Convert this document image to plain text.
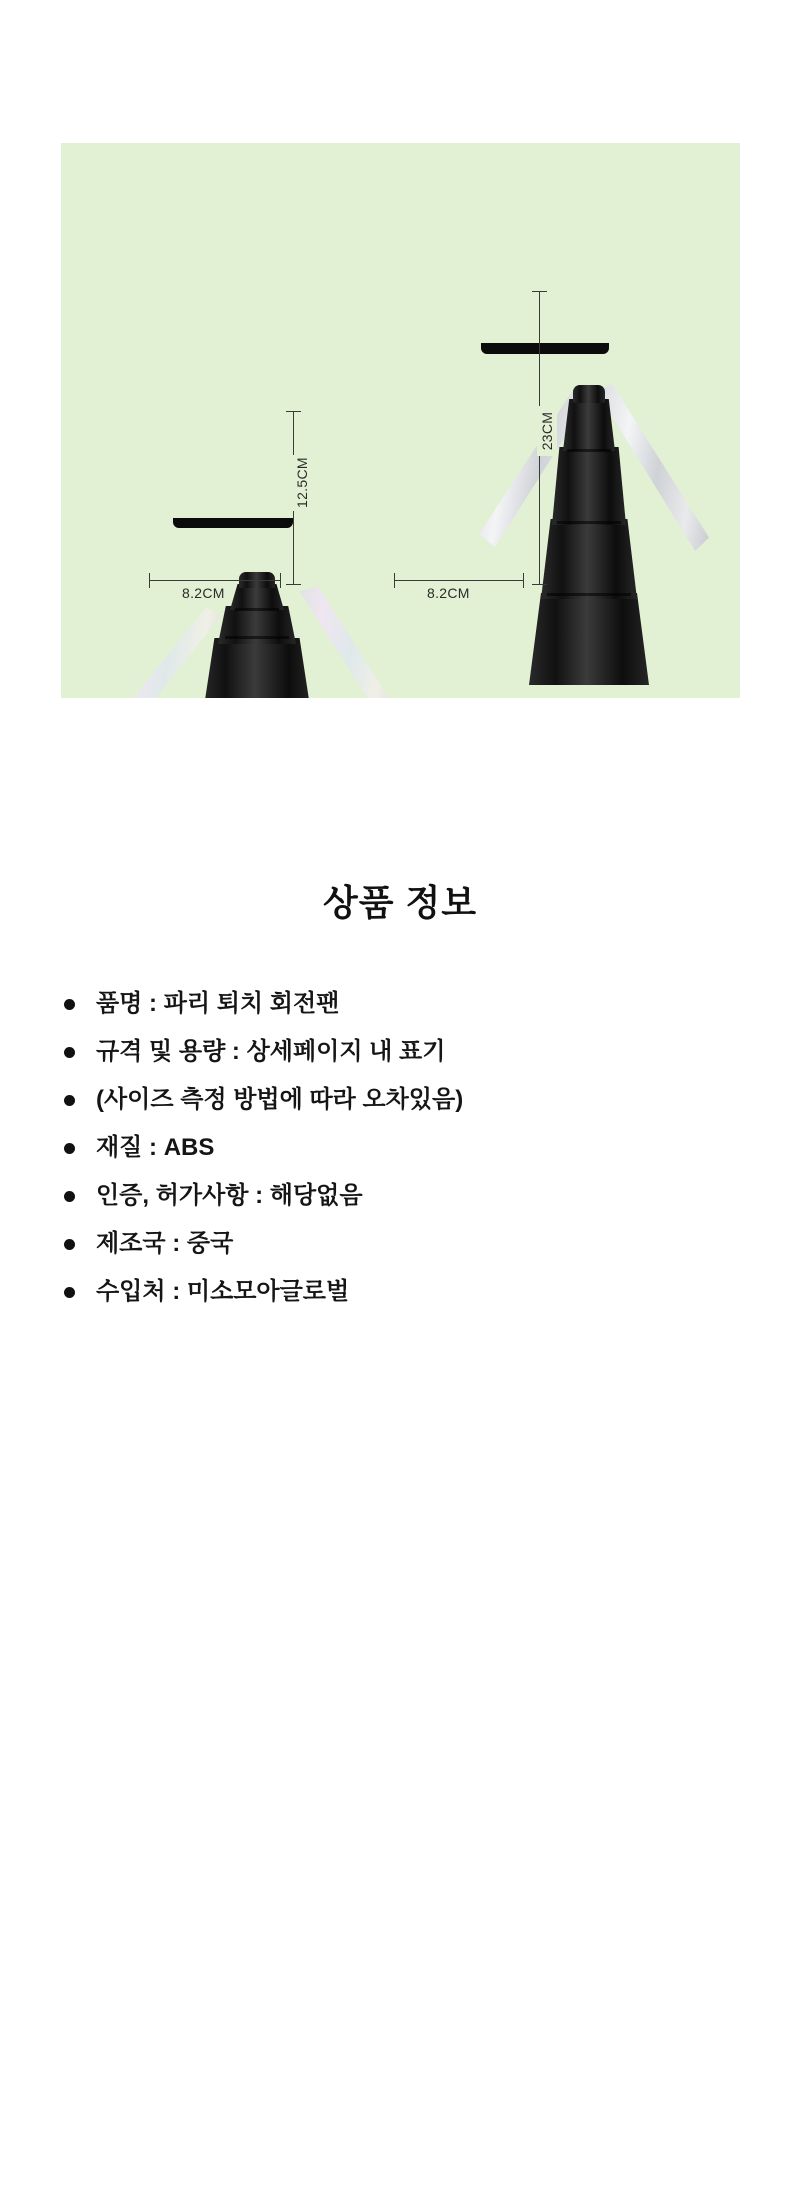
12.5CM
8.2CM
23CM
8.2CM
상품 정보
품명 : 파리 퇴치 회전팬
규격 및 용량 : 상세페이지 내 표기
(사이즈 측정 방법에 따라 오차있음)
재질 : ABS
인증, 허가사항 : 해당없음
제조국 : 중국
수입처 : 미소모아글로벌
